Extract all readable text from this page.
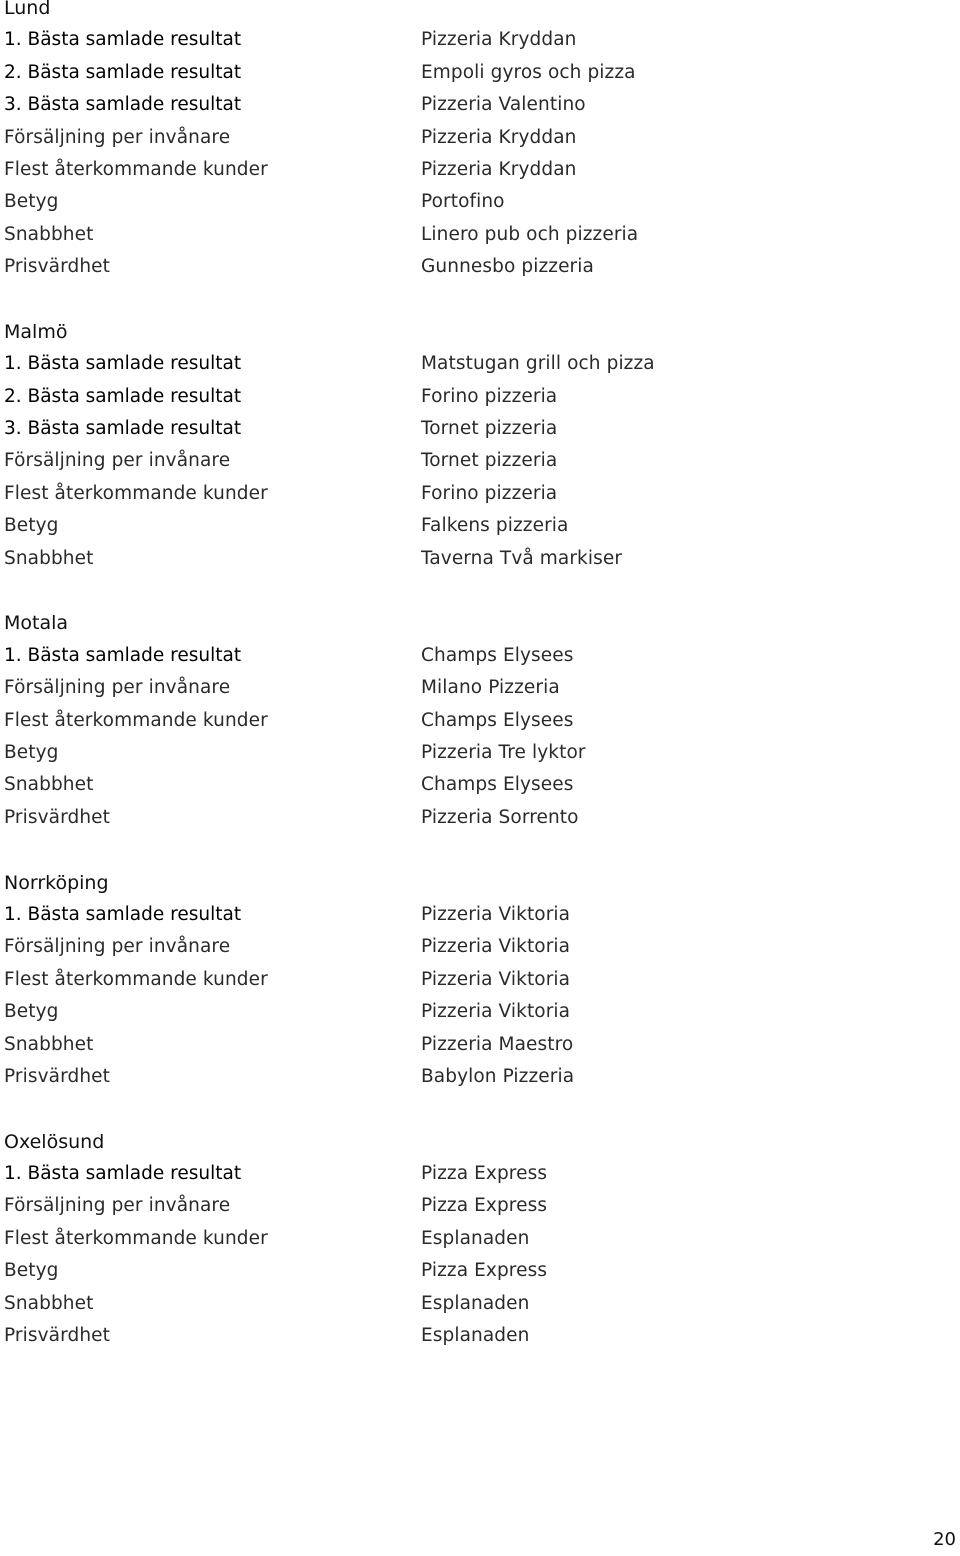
Lund
1. Bästa samlade resultat	Pizzeria Kryddan
2. Bästa samlade resultat	Empoli gyros och pizza
3. Bästa samlade resultat	Pizzeria Valentino
Försäljning per invånare	Pizzeria Kryddan
Flest återkommande kunder	Pizzeria Kryddan
Betyg	Portofino
Snabbhet	Linero pub och pizzeria
Prisvärdhet	Gunnesbo pizzeria
Malmö
1. Bästa samlade resultat	Matstugan grill och pizza
2. Bästa samlade resultat	Forino pizzeria
3. Bästa samlade resultat	Tornet pizzeria
Försäljning per invånare	Tornet pizzeria
Flest återkommande kunder	Forino pizzeria
Betyg	Falkens pizzeria
Snabbhet	Taverna Två markiser
Motala
1. Bästa samlade resultat	Champs Elysees
Försäljning per invånare	Milano Pizzeria
Flest återkommande kunder	Champs Elysees
Betyg	Pizzeria Tre lyktor
Snabbhet	Champs Elysees
Prisvärdhet	Pizzeria Sorrento
Norrköping
1. Bästa samlade resultat	Pizzeria Viktoria
Försäljning per invånare	Pizzeria Viktoria
Flest återkommande kunder	Pizzeria Viktoria
Betyg	Pizzeria Viktoria
Snabbhet	Pizzeria Maestro
Prisvärdhet	Babylon Pizzeria
Oxelösund
1. Bästa samlade resultat	Pizza Express
Försäljning per invånare	Pizza Express
Flest återkommande kunder	Esplanaden
Betyg	Pizza Express
Snabbhet	Esplanaden
Prisvärdhet	Esplanaden
20
